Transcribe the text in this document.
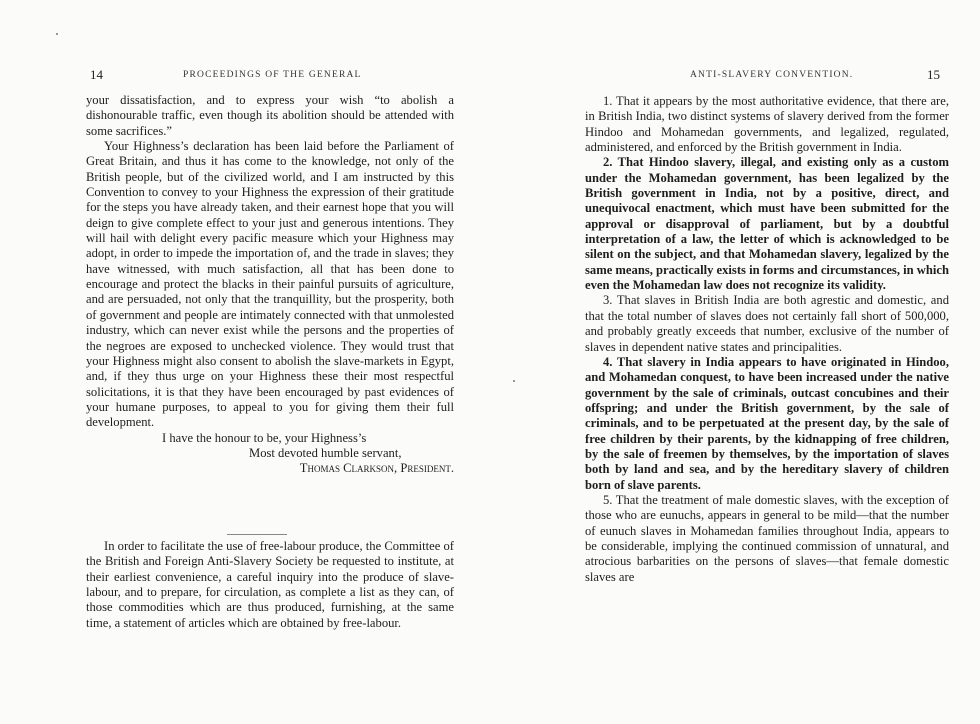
14	PROCEEDINGS OF THE GENERAL

your dissatisfaction, and to express your wish “to abolish a dishonourable traffic, even though its abolition should be attended with some sacrifices.”

Your Highness’s declaration has been laid before the Parliament of Great Britain, and thus it has come to the knowledge, not only of the British people, but of the civilized world, and I am instructed by this Convention to convey to your Highness the expression of their gratitude for the steps you have already taken, and their earnest hope that you will deign to give complete effect to your just and generous intentions. They will hail with delight every pacific measure which your Highness may adopt, in order to impede the importation of, and the trade in slaves; they have witnessed, with much satisfaction, all that has been done to encourage and protect the blacks in their painful pursuits of agriculture, and are persuaded, not only that the tranquillity, but the prosperity, both of government and people are intimately connected with that unmolested industry, which can never exist while the persons and the properties of the negroes are exposed to unchecked violence. They would trust that your Highness might also consent to abolish the slave-markets in Egypt, and, if they thus urge on your Highness these their most respectful solicitations, it is that they have been encouraged by past evidences of your humane purposes, to appeal to you for giving them their full development.

I have the honour to be, your Highness’s

Most devoted humble servant,

Thomas Clarkson, President.

In order to facilitate the use of free-labour produce, the Committee of the British and Foreign Anti-Slavery Society be requested to institute, at their earliest convenience, a careful inquiry into the produce of slave-labour, and to prepare, for circulation, as complete a list as they can, of those commodities which are thus produced, furnishing, at the same time, a statement of articles which are obtained by free-labour.

ANTI-SLAVERY CONVENTION.	15

1. That it appears by the most authoritative evidence, that there are, in British India, two distinct systems of slavery derived from the former Hindoo and Mohamedan governments, and legalized, regulated, administered, and enforced by the British government in India.

2. That Hindoo slavery, illegal, and existing only as a custom under the Mohamedan government, has been legalized by the British government in India, not by a positive, direct, and unequivocal enactment, which must have been submitted for the approval or disapproval of parliament, but by a doubtful interpretation of a law, the letter of which is acknowledged to be silent on the subject, and that Mohamedan slavery, legalized by the same means, practically exists in forms and circumstances, in which even the Mohamedan law does not recognize its validity.

3. That slaves in British India are both agrestic and domestic, and that the total number of slaves does not certainly fall short of 500,000, and probably greatly exceeds that number, exclusive of the number of slaves in dependent native states and principalities.

4. That slavery in India appears to have originated in Hindoo, and Mohamedan conquest, to have been increased under the native government by the sale of criminals, outcast concubines and their offspring; and under the British government, by the sale of criminals, and to be perpetuated at the present day, by the sale of free children by their parents, by the kidnapping of free children, by the sale of freemen by themselves, by the importation of slaves both by land and sea, and by the hereditary slavery of children born of slave parents.

5. That the treatment of male domestic slaves, with the exception of those who are eunuchs, appears in general to be mild—that the number of eunuch slaves in Mohamedan families throughout India, appears to be considerable, implying the continued commission of unnatural, and atrocious barbarities on the persons of slaves—that female domestic slaves are
